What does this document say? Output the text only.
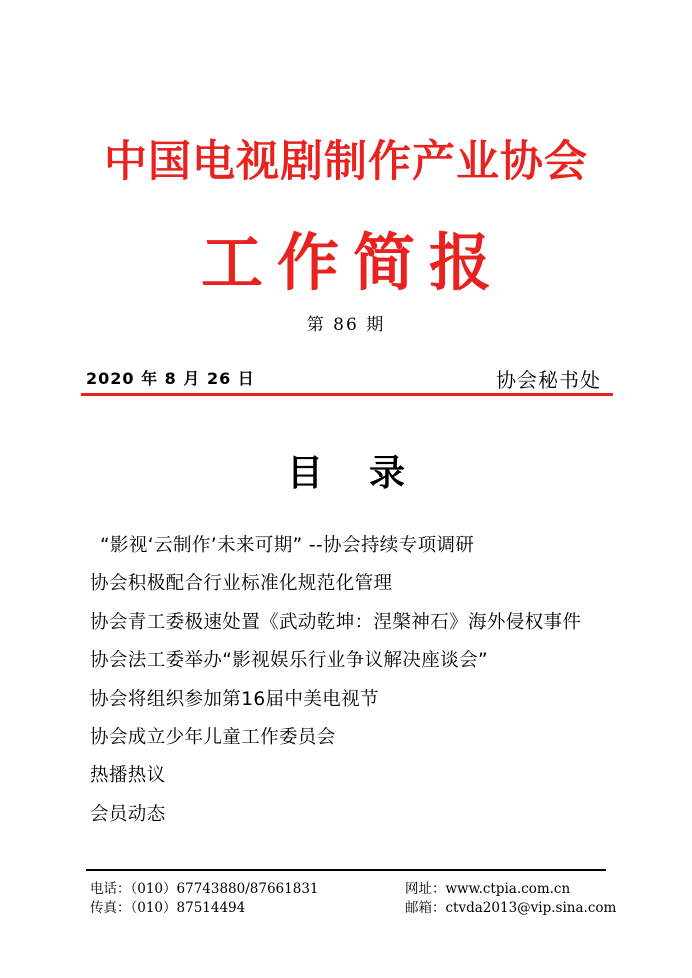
中国电视剧制作产业协会
工作简报
第 86 期
2020 年 8 月 26 日	协会秘书处
目 录
“影视‘云制作’未来可期” --协会持续专项调研
协会积极配合行业标准化规范化管理
协会青工委极速处置《武动乾坤：涅槃神石》海外侵权事件
协会法工委举办“影视娱乐行业争议解决座谈会”
协会将组织参加第16届中美电视节
协会成立少年儿童工作委员会
热播热议
会员动态
电话：（010）67743880/87661831
传真：（010）87514494
网址：www.ctpia.com.cn
邮箱：ctvda2013@vip.sina.com
